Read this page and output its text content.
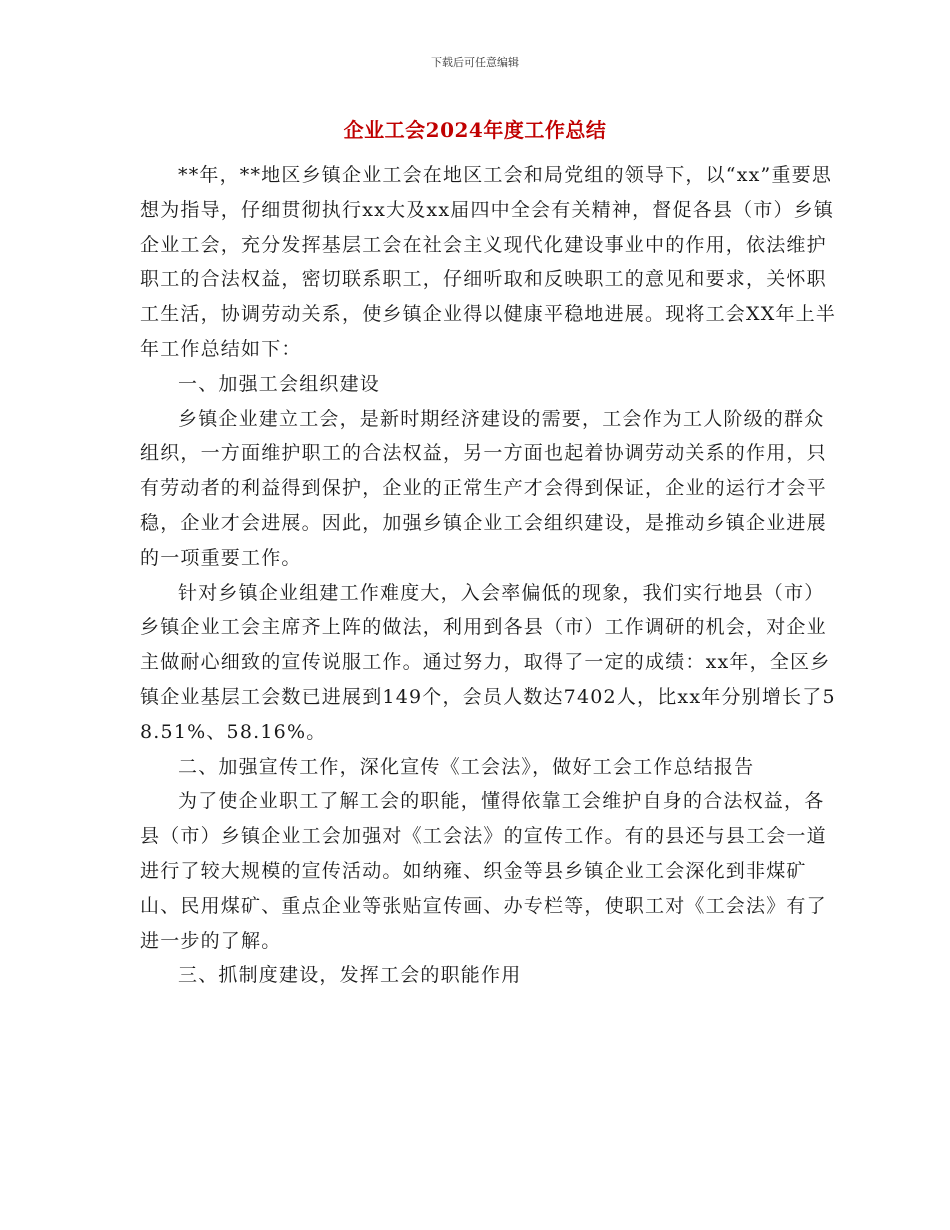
下载后可任意编辑
企业工会2024年度工作总结

**年，**地区乡镇企业工会在地区工会和局党组的领导下，以“xx”重要思想为指导，仔细贯彻执行xx大及xx届四中全会有关精神，督促各县（市）乡镇企业工会，充分发挥基层工会在社会主义现代化建设事业中的作用，依法维护职工的合法权益，密切联系职工，仔细听取和反映职工的意见和要求，关怀职工生活，协调劳动关系，使乡镇企业得以健康平稳地进展。现将工会XX年上半年工作总结如下：

一、加强工会组织建设

乡镇企业建立工会，是新时期经济建设的需要，工会作为工人阶级的群众组织，一方面维护职工的合法权益，另一方面也起着协调劳动关系的作用，只有劳动者的利益得到保护，企业的正常生产才会得到保证，企业的运行才会平稳，企业才会进展。因此，加强乡镇企业工会组织建设，是推动乡镇企业进展的一项重要工作。

针对乡镇企业组建工作难度大，入会率偏低的现象，我们实行地县（市）乡镇企业工会主席齐上阵的做法，利用到各县（市）工作调研的机会，对企业主做耐心细致的宣传说服工作。通过努力，取得了一定的成绩：xx年，全区乡镇企业基层工会数已进展到149个，会员人数达7402人，比xx年分别增长了58.51%、58.16%。

二、加强宣传工作，深化宣传《工会法》，做好工会工作总结报告

为了使企业职工了解工会的职能，懂得依靠工会维护自身的合法权益，各县（市）乡镇企业工会加强对《工会法》的宣传工作。有的县还与县工会一道进行了较大规模的宣传活动。如纳雍、织金等县乡镇企业工会深化到非煤矿山、民用煤矿、重点企业等张贴宣传画、办专栏等，使职工对《工会法》有了进一步的了解。

三、抓制度建设，发挥工会的职能作用
